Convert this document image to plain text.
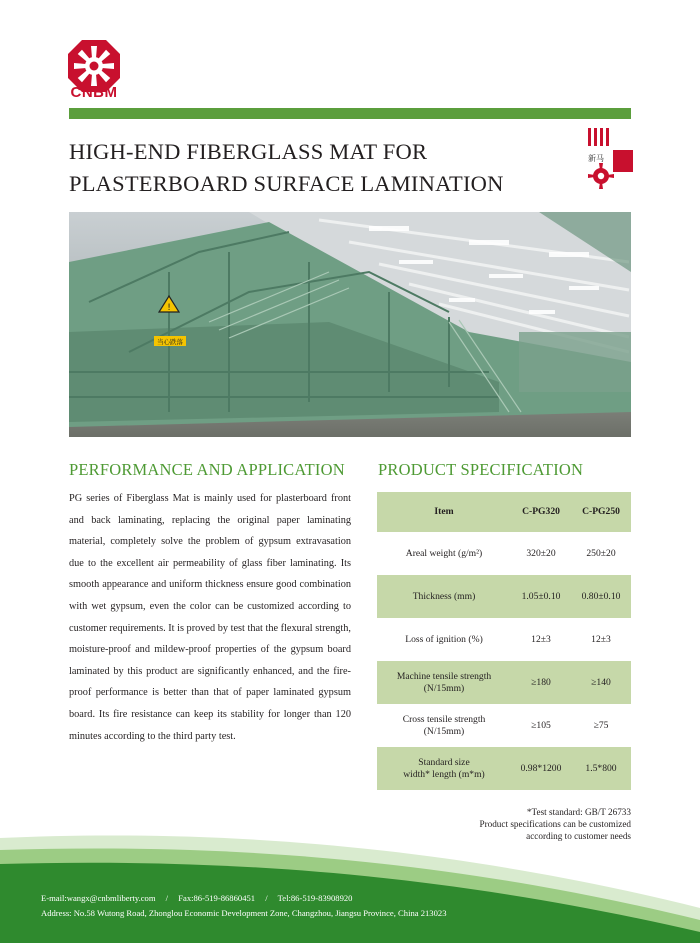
CNBM
HIGH-END FIBERGLASS MAT FOR
PLASTERBOARD SURFACE LAMINATION
新马
!
当心跌落
PERFORMANCE AND APPLICATION
PG series of Fiberglass Mat is mainly used for plasterboard front and back laminating, replacing the original paper laminating material, completely solve the problem of gypsum extravasation due to the excellent air permeability of glass fiber laminating. Its smooth appearance and uniform thickness ensure good combination with wet gypsum, even the color can be customized according to customer requirements. It is proved by test that the flexural strength, moisture-proof and mildew-proof properties of the gypsum board laminated by this product are significantly enhanced, and the fire-proof performance is better than that of paper laminated gypsum board. Its fire resistance can keep its stability for longer than 120 minutes according to the third party test.
PRODUCT SPECIFICATION
Item	C-PG320	C-PG250

Areal weight (g/m²)	320±20	250±20

Thickness (mm)	1.05±0.10	0.80±0.10

Loss of ignition (%)	12±3	12±3

Machine tensile strength
(N/15mm)	≥180	≥140

Cross tensile strength
(N/15mm)	≥105	≥75

Standard size
width* length (m*m)	0.98*1200	1.5*800
*Test standard: GB/T 26733
Product specifications can be customized
according to customer needs
E-mail:wangx@cnbmliberty.com / Fax:86-519-86860451 / Tel:86-519-83908920
Address: No.58 Wutong Road, Zhonglou Economic Development Zone, Changzhou, Jiangsu Province, China 213023
